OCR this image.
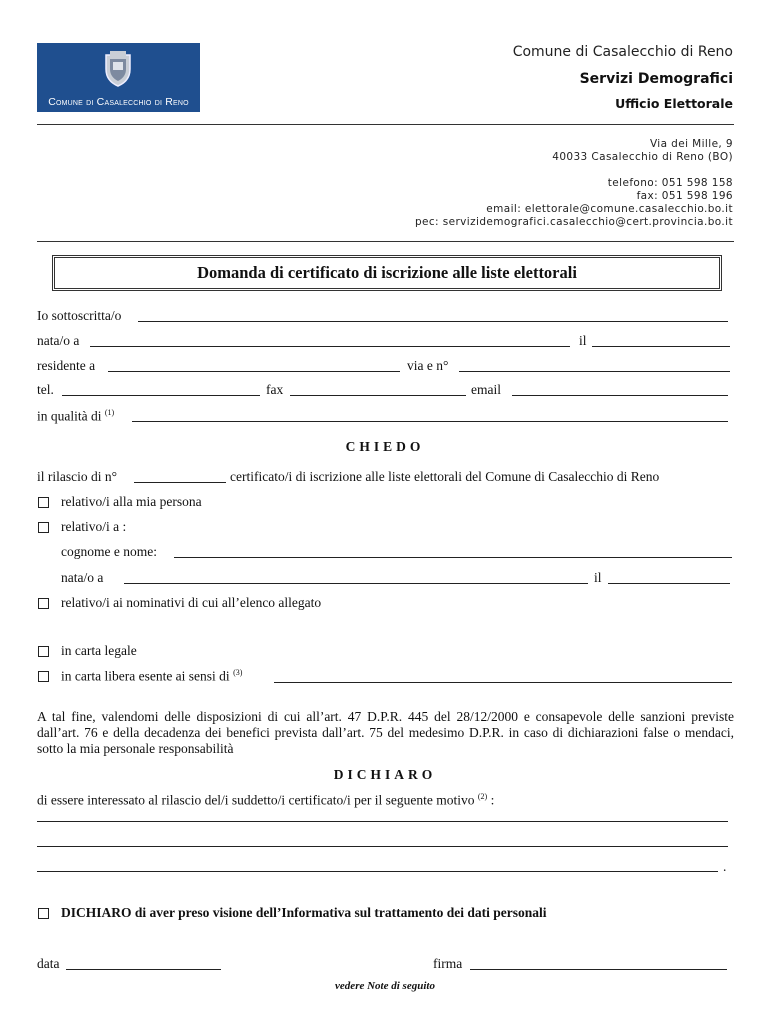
Comune di Casalecchio di Reno
Comune di Casalecchio di Reno
Servizi Demografici
Ufficio Elettorale
Via dei Mille, 9
40033 Casalecchio di Reno (BO)
telefono: 051 598 158
fax: 051 598 196
email: elettorale@comune.casalecchio.bo.it
pec: servizidemografici.casalecchio@cert.provincia.bo.it
Domanda di certificato di iscrizione alle liste elettorali
Io sottoscritta/o
nata/o a	il
residente a	via e n°
tel.	fax	email
in qualità di $^{(1)}$
CHIEDO
il rilascio di n°	certificato/i di iscrizione alle liste elettorali del Comune di Casalecchio di Reno
relativo/i alla mia persona
relativo/i a :
cognome e nome:
nata/o a	il
relativo/i ai nominativi di cui all’elenco allegato
in carta legale
in carta libera esente ai sensi di $^{(3)}$
A tal fine, valendomi delle disposizioni di cui all’art. 47 D.P.R. 445 del 28/12/2000 e consapevole delle sanzioni previste dall’art. 76 e della decadenza dei benefici prevista dall’art. 75 del medesimo D.P.R. in caso di dichiarazioni false o mendaci, sotto la mia personale responsabilità
DICHIARO
di essere interessato al rilascio del/i suddetto/i certificato/i per il seguente motivo $^{(2)}$ :
.
DICHIARO di aver preso visione dell’Informativa sul trattamento dei dati personali
data	firma
vedere Note di seguito
